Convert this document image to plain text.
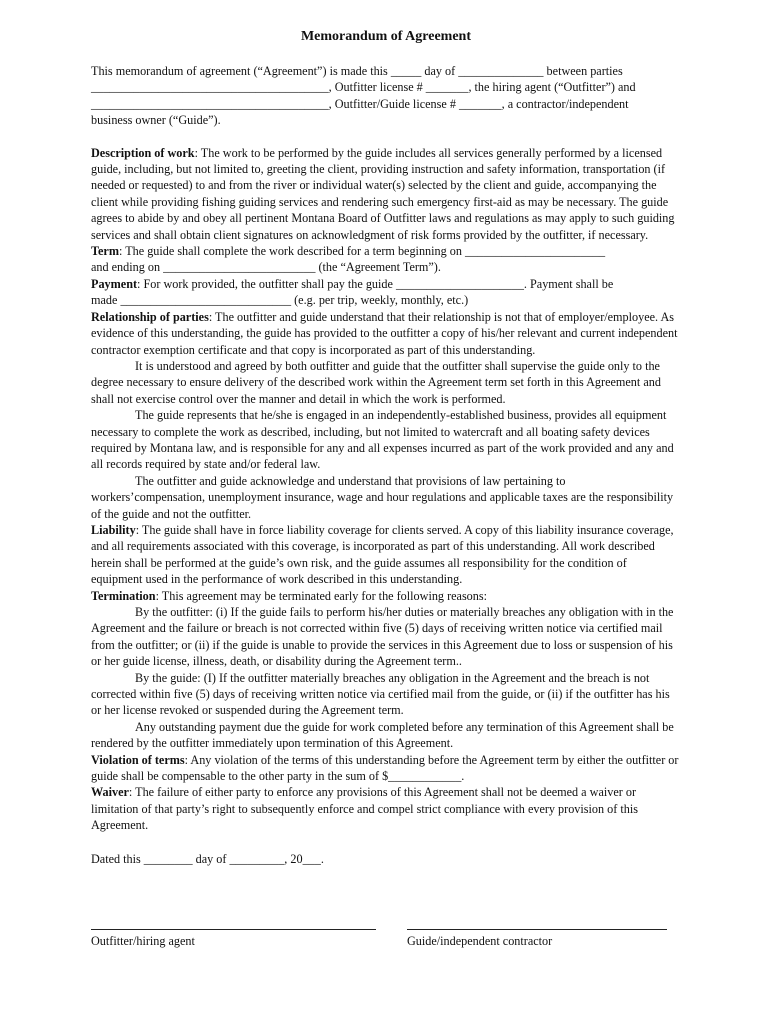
Memorandum of Agreement

This memorandum of agreement (“Agreement”) is made this _____ day of ______________ between parties
_______________________________________, Outfitter license # _______, the hiring agent (“Outfitter”) and
_______________________________________, Outfitter/Guide license # _______, a contractor/independent
business owner (“Guide”).

Description of work: The work to be performed by the guide includes all services generally performed by a licensed guide, including, but not limited to, greeting the client, providing instruction and safety information, transportation (if needed or requested) to and from the river or individual water(s) selected by the client and guide, accompanying the client while providing fishing guiding services and rendering such emergency first-aid as may be necessary. The guide agrees to abide by and obey all pertinent Montana Board of Outfitter laws and regulations as may apply to such guiding services and shall obtain client signatures on acknowledgment of risk forms provided by the outfitter, if necessary.

Term: The guide shall complete the work described for a term beginning on _______________________
and ending on _________________________ (the “Agreement Term”).

Payment: For work provided, the outfitter shall pay the guide _____________________. Payment shall be
made ____________________________ (e.g. per trip, weekly, monthly, etc.)

Relationship of parties: The outfitter and guide understand that their relationship is not that of employer/employee. As evidence of this understanding, the guide has provided to the outfitter a copy of his/her relevant and current independent contractor exemption certificate and that copy is incorporated as part of this understanding.

It is understood and agreed by both outfitter and guide that the outfitter shall supervise the guide only to the degree necessary to ensure delivery of the described work within the Agreement term set forth in this Agreement and shall not exercise control over the manner and detail in which the work is performed.

The guide represents that he/she is engaged in an independently-established business, provides all equipment necessary to complete the work as described, including, but not limited to watercraft and all boating safety devices required by Montana law, and is responsible for any and all expenses incurred as part of the work provided and any and all records required by state and/or federal law.

The outfitter and guide acknowledge and understand that provisions of law pertaining to workers’compensation, unemployment insurance, wage and hour regulations and applicable taxes are the responsibility of the guide and not the outfitter.

Liability: The guide shall have in force liability coverage for clients served. A copy of this liability insurance coverage, and all requirements associated with this coverage, is incorporated as part of this understanding. All work described herein shall be performed at the guide’s own risk, and the guide assumes all responsibility for the condition of equipment used in the performance of work described in this understanding.

Termination: This agreement may be terminated early for the following reasons:

By the outfitter: (i) If the guide fails to perform his/her duties or materially breaches any obligation with in the Agreement and the failure or breach is not corrected within five (5) days of receiving written notice via certified mail from the outfitter; or (ii) if the guide is unable to provide the services in this Agreement due to loss or suspension of his or her guide license, illness, death, or disability during the Agreement term..

By the guide: (I) If the outfitter materially breaches any obligation in the Agreement and the breach is not corrected within five (5) days of receiving written notice via certified mail from the guide, or (ii) if the outfitter has his or her license revoked or suspended during the Agreement term.

Any outstanding payment due the guide for work completed before any termination of this Agreement shall be rendered by the outfitter immediately upon termination of this Agreement.

Violation of terms: Any violation of the terms of this understanding before the Agreement term by either the outfitter or guide shall be compensable to the other party in the sum of $____________.

Waiver: The failure of either party to enforce any provisions of this Agreement shall not be deemed a waiver or limitation of that party’s right to subsequently enforce and compel strict compliance with every provision of this Agreement.

Dated this ________ day of _________, 20___.

Outfitter/hiring agent	Guide/independent contractor
